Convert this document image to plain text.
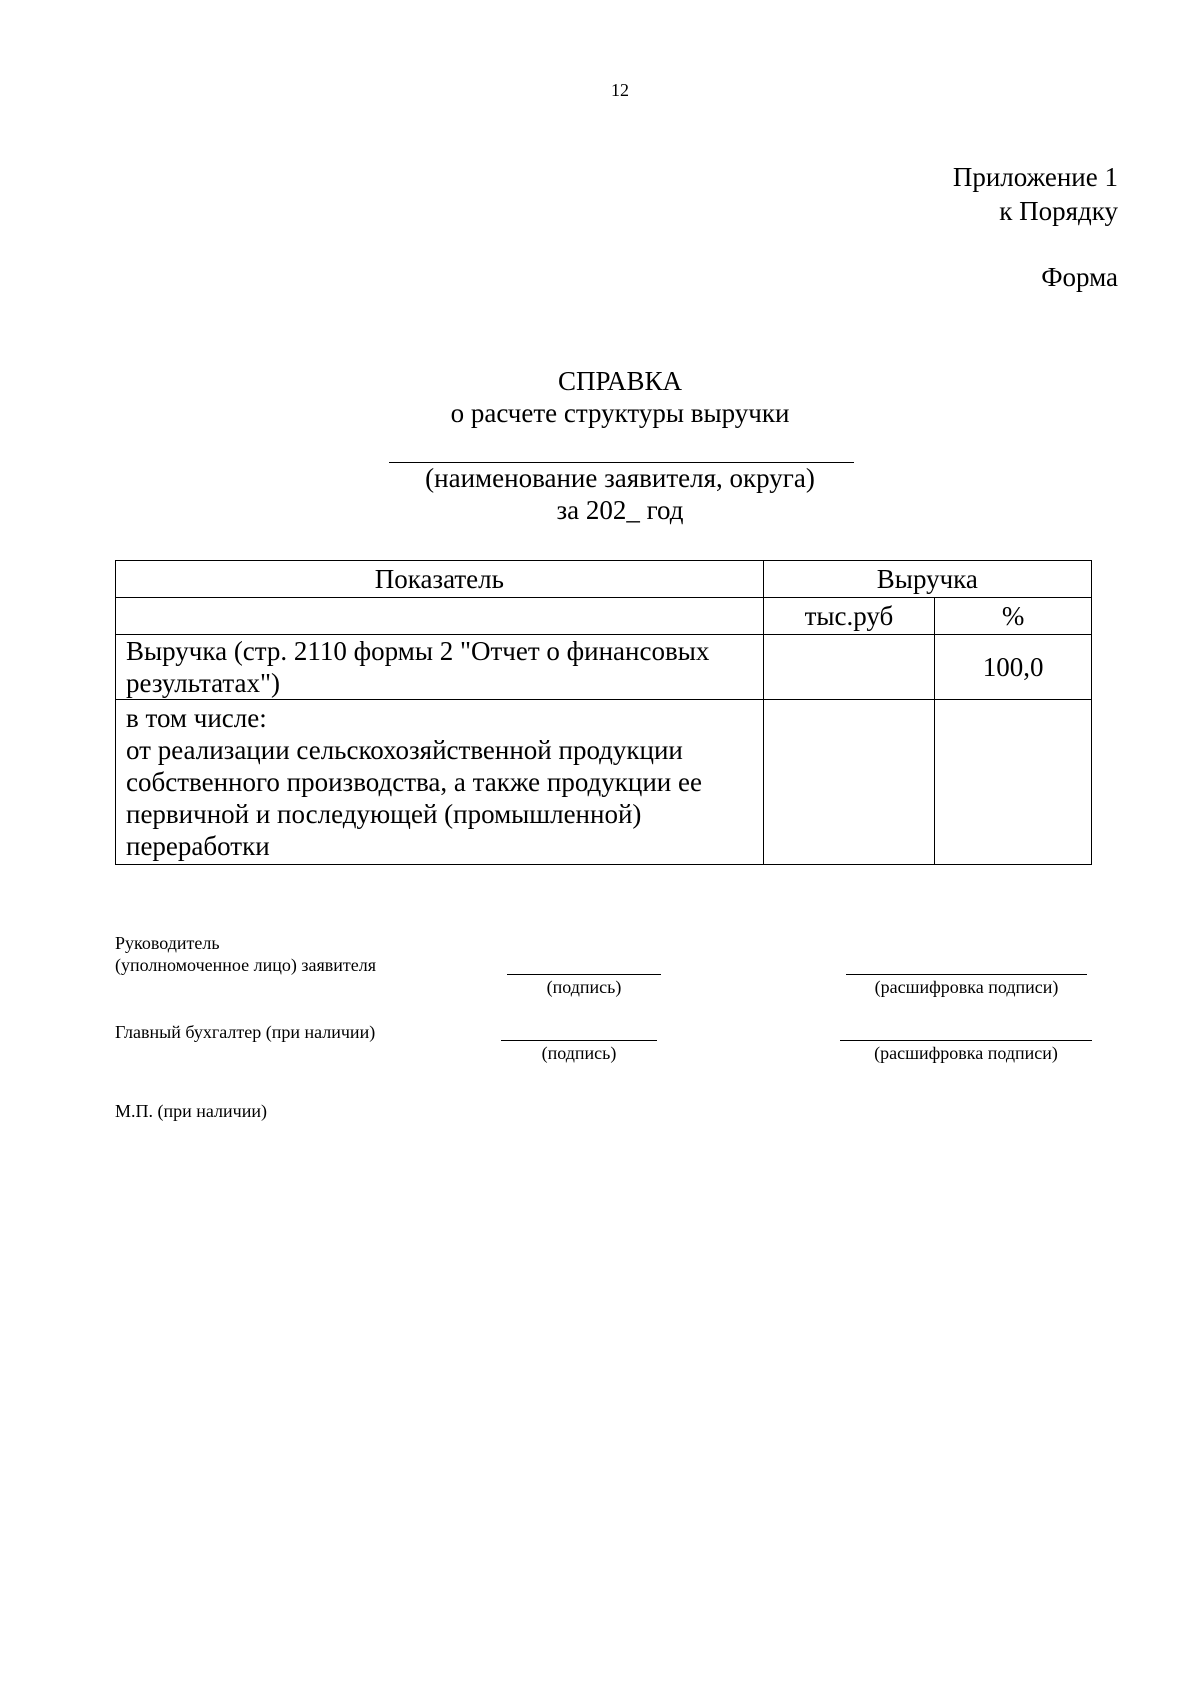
12
Приложение 1
к Порядку
Форма
СПРАВКА
о расчете структуры выручки
(наименование заявителя, округа)
за 202_ год
Показатель	Выручка	
	тыс.руб	%
Выручка (стр. 2110 формы 2 "Отчет о финансовых результатах")		100,0

в том числе:
от реализации сельскохозяйственной продукции собственного производства, а также продукции ее первичной и последующей (промышленной) переработки		

Руководитель
(уполномоченное лицо) заявителя
(подпись)	(расшифровка подписи)
Главный бухгалтер (при наличии)
(подпись)	(расшифровка подписи)
М.П. (при наличии)
